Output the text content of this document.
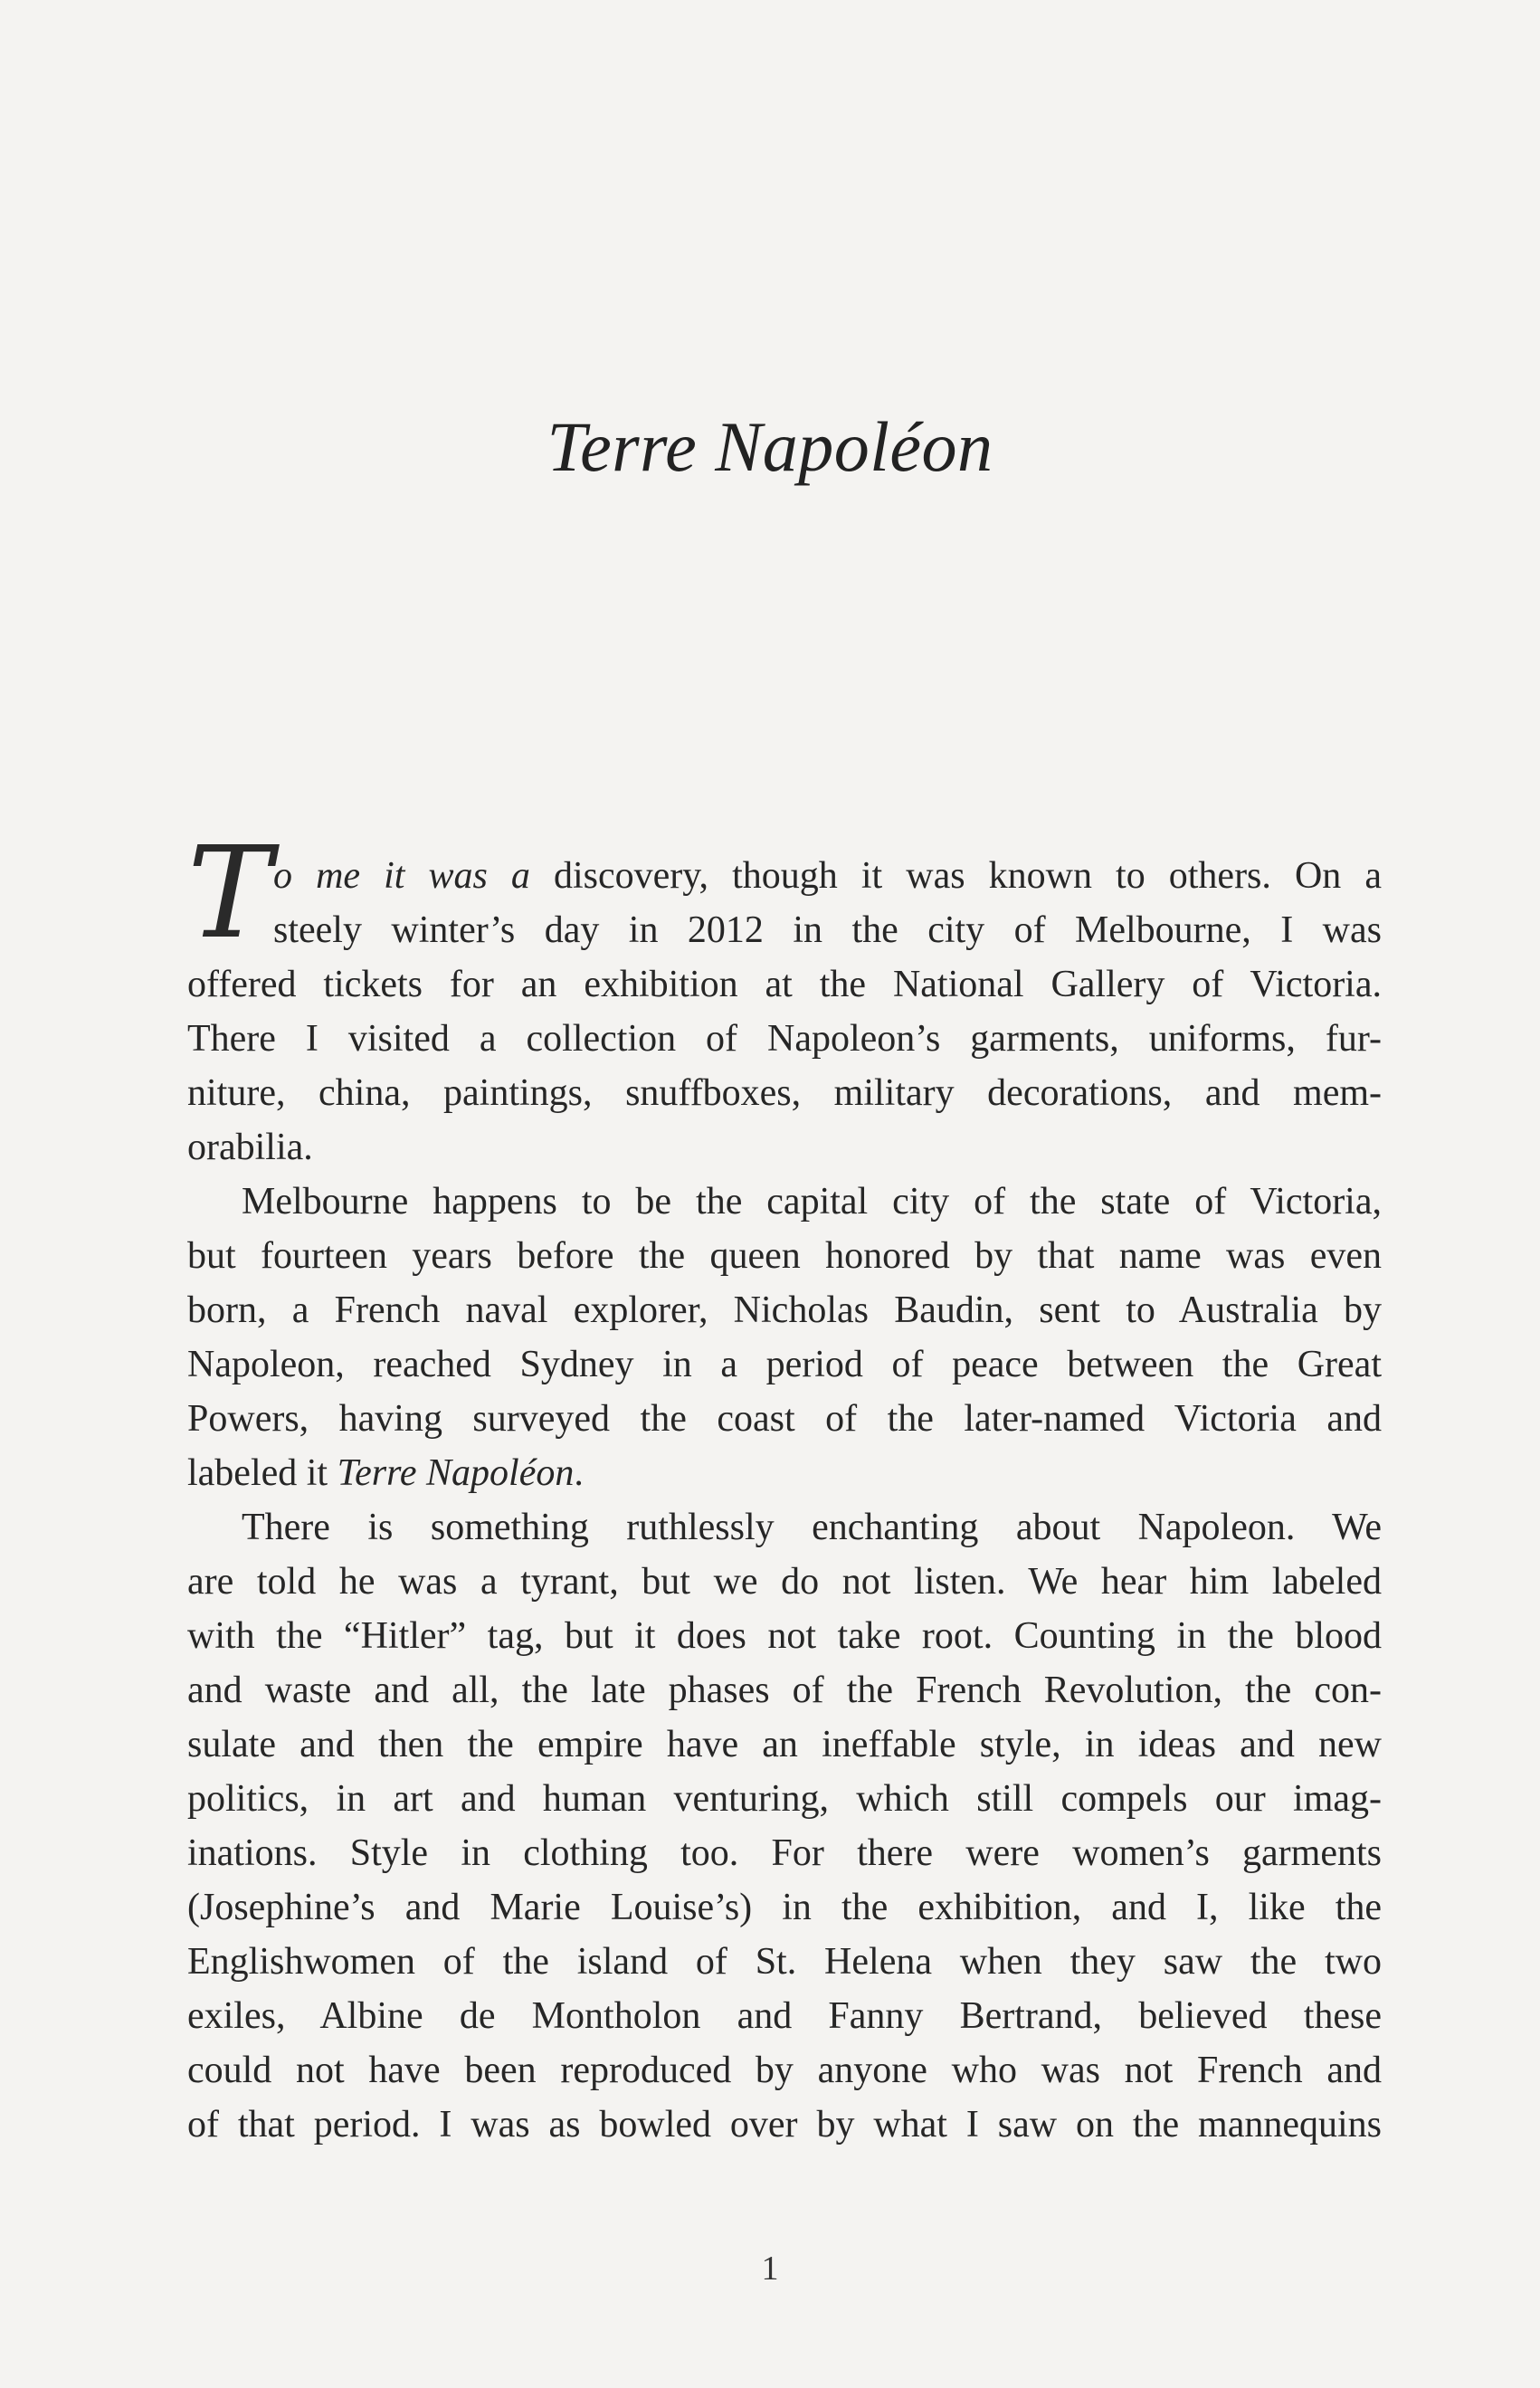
Terre Napoléon
T o me it was a discovery, though it was known to others. On a
steely winter’s day in 2012 in the city of Melbourne, I was
offered tickets for an exhibition at the National Gallery of Victoria.
There I visited a collection of Napoleon’s garments, uniforms, fur-
niture, china, paintings, snuffboxes, military decorations, and mem-
orabilia.
Melbourne happens to be the capital city of the state of Victoria,
but fourteen years before the queen honored by that name was even
born, a French naval explorer, Nicholas Baudin, sent to Australia by
Napoleon, reached Sydney in a period of peace between the Great
Powers, having surveyed the coast of the later-named Victoria and
labeled it Terre Napoléon.
There is something ruthlessly enchanting about Napoleon. We
are told he was a tyrant, but we do not listen. We hear him labeled
with the “Hitler” tag, but it does not take root. Counting in the blood
and waste and all, the late phases of the French Revolution, the con-
sulate and then the empire have an ineffable style, in ideas and new
politics, in art and human venturing, which still compels our imag-
inations. Style in clothing too. For there were women’s garments
(Josephine’s and Marie Louise’s) in the exhibition, and I, like the
Englishwomen of the island of St. Helena when they saw the two
exiles, Albine de Montholon and Fanny Bertrand, believed these
could not have been reproduced by anyone who was not French and
of that period. I was as bowled over by what I saw on the mannequins
1
